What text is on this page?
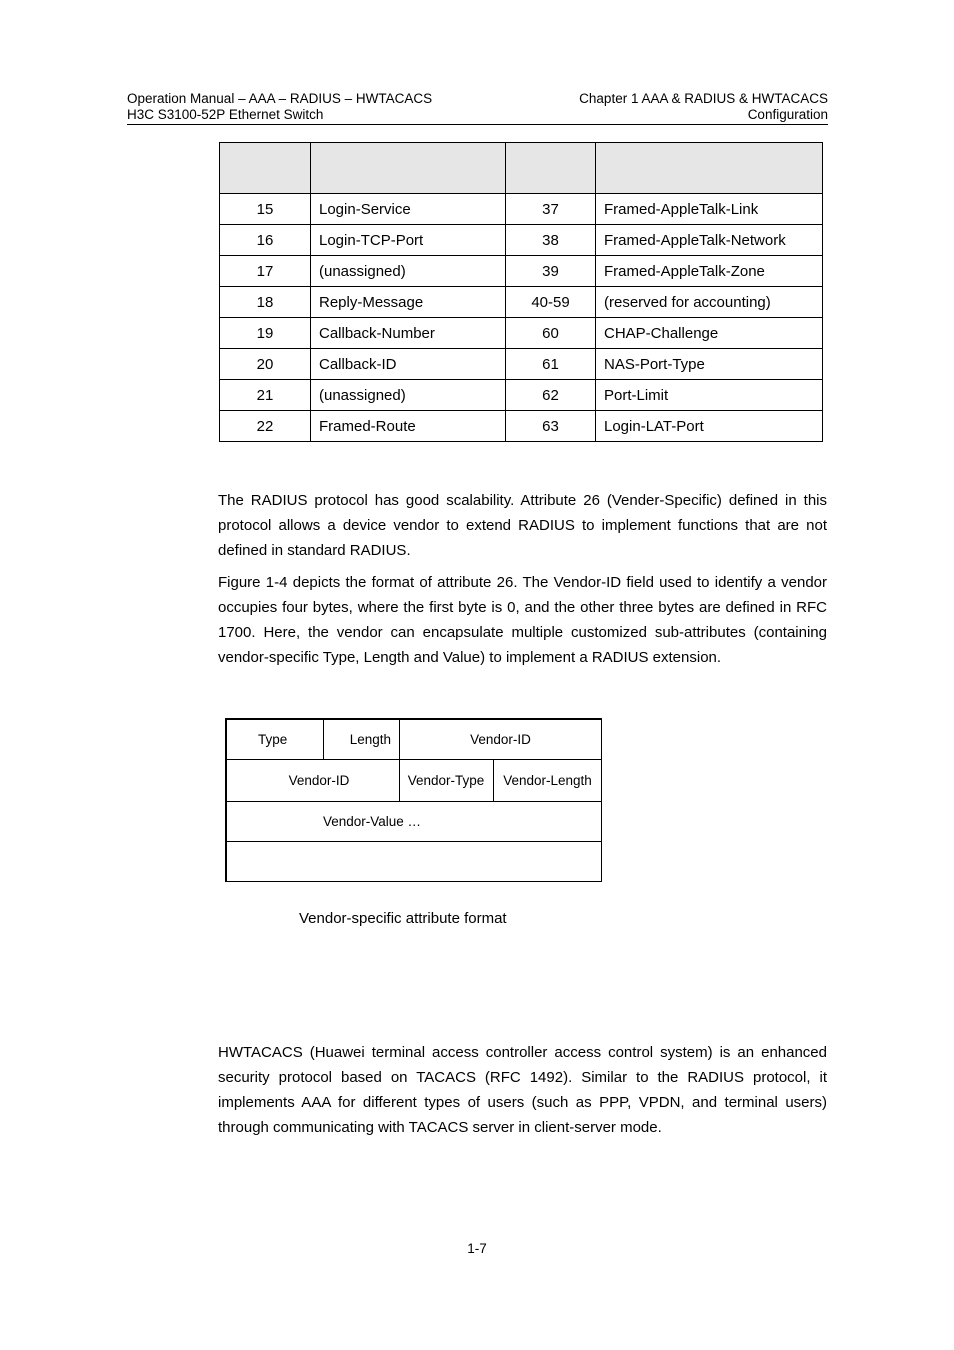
Operation Manual – AAA – RADIUS – HWTACACS
H3C S3100-52P Ethernet Switch
Chapter 1 AAA & RADIUS & HWTACACS
Configuration

15	Login-Service	37	Framed-AppleTalk-Link
16	Login-TCP-Port	38	Framed-AppleTalk-Network
17	(unassigned)	39	Framed-AppleTalk-Zone
18	Reply-Message	40-59	(reserved for accounting)
19	Callback-Number	60	CHAP-Challenge
20	Callback-ID	61	NAS-Port-Type
21	(unassigned)	62	Port-Limit
22	Framed-Route	63	Login-LAT-Port

The RADIUS protocol has good scalability. Attribute 26 (Vender-Specific) defined in this protocol allows a device vendor to extend RADIUS to implement functions that are not defined in standard RADIUS.

Figure 1-4 depicts the format of attribute 26. The Vendor-ID field used to identify a vendor occupies four bytes, where the first byte is 0, and the other three bytes are defined in RFC 1700. Here, the vendor can encapsulate multiple customized sub-attributes (containing vendor-specific Type, Length and Value) to implement a RADIUS extension.

Type	Length	Vendor-ID
Vendor-ID	Vendor-Type	Vendor-Length
Vendor-Value …
Vendor-specific attribute format

HWTACACS (Huawei terminal access controller access control system) is an enhanced security protocol based on TACACS (RFC 1492). Similar to the RADIUS protocol, it implements AAA for different types of users (such as PPP, VPDN, and terminal users) through communicating with TACACS server in client-server mode.

1-7
